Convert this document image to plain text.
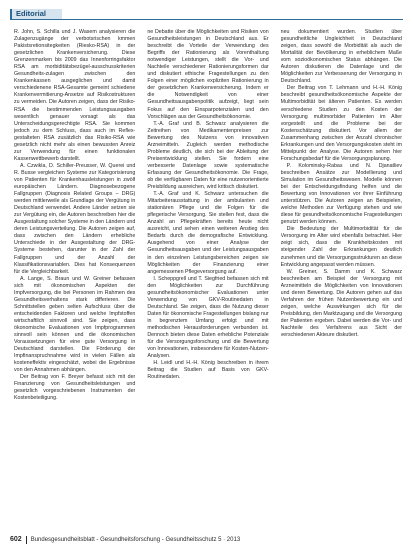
Editorial

R. John, S. Schilla und J. Wasem analysieren die Zulagenzugänge der verbotsrischen kmmen Pakistsretionsitegkeiten (Riesko-RSA) in der gesetzlichen Krankenversicherung. Diese Grenzenmarken bis 2009 das Innenforringsfaktor RSA am morbiditätsbezügel-ausschusskriterien Gesundheits-zulagen zwischen den Krankenkassen ausgeglichen und damit verschiedenene RSA-Gesamte gemeint schiedene Krankenvermitierung-Ansetze auf Risikostrukturen zu vermeiden. Die Autoren zeigen, dass der Risiko-RSA die bestimmenden Leistungsausgaben wesentlich genauer vorsagt als das Unterscheidungsgerechtigte RSA. Sie kommen jedoch zu dem Schluss, dass auch im Reflex-gestalteten RSA zusätzlich das Risiko-RSA wie gesetzlich nicht mehr als einen bewussten Anreiz zur Verwendung für einen funktionalen Kassenwettbewerb darstellt.

A. Czwikla, D. Schiller-Preusser, W. Querei und R. Busse vergleichen Systeme zur Kategorisierung von Patienten für Krankenhausleistungen in zwölf europäischen Ländern. Diagnosebezogene Fallgruppen (Diagnosis Related Groups – DRG) werden mittlerweile als Grundlage der Vergütung in Deutschland verwendet. Andere Länder setzen sie zur Vergütung ein, die Autoren beschreiben hier die Ausgestaltung solcher Systeme in den Ländern und deren Leistungsverteilung. Die Autoren zeigen auf, dass zwischen den Ländern erhebliche Unterschiede in der Ausgestaltung der DRG-Systeme bestehen, darunter in der Zahl der Fallgruppen und der Anzahl der Klassifikationsvariablen. Dies hat Konsequenzen für die Vergleichbarkeit.

A. Lange, S. Braun und W. Greiner befassen sich mit ökonomischen Aspekten der Impfversorgung, die bei Personen im Rahmen des Gesundheitsverhaltens stark differieren. Die Schnittstellen geben selten Aufschluss über die entscheidenden Faktoren und welche Impfstoffen wirtschaftlich sinnvoll sind. Sie zeigen, dass ökonomische Evaluationen von Impfprogrammen sinnvoll sein können und die ökonomischen Voraussetzungen für eine gute Versorgung in Deutschland darstellen. Die Förderung der Impfinanspruchnahme wird in vielen Fällen als kosteneffektiv eingeschätzt, wobei die Ergebnisse von den Annahmen abhängen.

Der Beitrag von F. Breyer befasst sich mit der Finanzierung von Gesundheitsleistungen und gesetzlich vorgeschriebenen Instrumenten der Kostenbeteiligung.

ne Debatte über die Möglichkeiten und Risiken von Gesundheitsleistungen in Deutschland aus. Er beschreibt die Vorteile der Verwendung des Begriffs der Rationierung als Vorenthaltung notwendiger Leistungen, stellt die Vor- und Nachteile verschiedener Rationierungsformen dar und diskutiert ethische Fragestellungen zu den Folgen einer möglichen expliziten Rationierung in der gesetzlichen Krankenversicherung. Indem er die Notwendigkeit von einer Gesundheitsausgabenpolitik aufzeigt, liegt sein Fokus auf den Einsparpotenzialen und den Vorschlägen aus der Gesundheitsökonomie.

T.-A. Graf und B. Schwarz analysieren die Zeitreihen von Medikamentenpreisen zur Bewertung des Nutzens von innovativen Arzneimitteln. Zugleich werden methodische Probleme deutlich, die sich bei der Ableitung der Preisentwicklung stellen. Sie fordern eine verbesserte Datenlage sowie systematische Erfassung der Gesundheitsökonomie. Die Frage, ob die verfügbaren Daten für eine nutzenorientierte Preisbildung ausreichen, wird kritisch diskutiert.

T.-A. Graf und K. Schwarz untersuchen die Mitarbeiterausstattung in der ambulanten und stationären Pflege und die Folgen für die pflegerische Versorgung. Sie stellen fest, dass die Anzahl an Pflegekräften bereits heute nicht ausreicht, und sehen einen weiteren Anstieg des Bedarfs durch die demografische Entwicklung. Ausgehend von einer Analyse der Gesundheitsausgaben und der Leistungsausgaben in den einzelnen Leistungsbereichen zeigen sie Möglichkeiten der Finanzierung einer angemessenen Pflegeversorgung auf.

I. Scheppgrell und T. Siegfried befassen sich mit den Möglichkeiten zur Durchführung gesundheitsökonomischer Evaluationen unter Verwendung von GKV-Routinedaten in Deutschland. Sie zeigen, dass die Nutzung dieser Daten für ökonomische Fragestellungen bislang nur in begrenztem Umfang erfolgt und mit methodischen Herausforderungen verbunden ist. Dennoch bieten diese Daten erhebliche Potenziale für die Versorgungsforschung und die Bewertung von Innovationen, insbesondere für Kosten-Nutzen-Analysen.

H. Leidl und H.-H. König beschreiben in ihrem Beitrag die Studien auf Basis von GKV-Routinedaten.

neu dokumentiert wurden. Studien über gesundheitliche Ungleichheit in Deutschland zeigen, dass sowohl die Morbidität als auch die Mortalität der Bevölkerung in erheblichem Maße vom sozioökonomischen Status abhängen. Die Autoren diskutieren die Datenlage und die Möglichkeiten zur Verbesserung der Versorgung in Deutschland.

Der Beitrag von T. Lehmann und H.-H. König beschreibt gesundheitsökonomische Aspekte der Multimorbidität bei älteren Patienten. Es werden verschiedene Studien zu den Kosten der Versorgung multimorbider Patienten im Alter vorgestellt und die Probleme bei der Kostenschätzung diskutiert. Vor allem der Zusammenhang zwischen der Anzahl chronischer Erkrankungen und den Versorgungskosten steht im Mittelpunkt der Analyse. Die Autoren sehen hier Forschungsbedarf für die Versorgungsplanung.

P. Kolominsky-Rabas und N. Djanatliev beschreiben Ansätze zur Modellierung und Simulation im Gesundheitswesen. Modelle können bei der Entscheidungsfindung helfen und die Bewertung von Innovationen vor ihrer Einführung unterstützen. Die Autoren zeigen an Beispielen, welche Methoden zur Verfügung stehen und wie diese für gesundheitsökonomische Fragestellungen genutzt werden können.

Die Bedeutung der Multimorbidität für die Versorgung im Alter wird ebenfalls betrachtet. Hier zeigt sich, dass die Krankheitskosten mit steigender Zahl der Erkrankungen deutlich zunehmen und die Versorgungsstrukturen an diese Entwicklung angepasst werden müssen.

W. Greiner, S. Damm und K. Schwarz beschreiben am Beispiel der Versorgung mit Arzneimitteln die Möglichkeiten von Innovationen und deren Bewertung. Die Autoren gehen auf das Verfahren der frühen Nutzenbewertung ein und zeigen, welche Auswirkungen sich für die Preisbildung, den Marktzugang und die Versorgung der Patienten ergeben. Dabei werden die Vor- und Nachteile des Verfahrens aus Sicht der verschiedenen Akteure diskutiert.

602 Bundesgesundheitsblatt - Gesundheitsforschung - Gesundheitsschutz 5 · 2013
